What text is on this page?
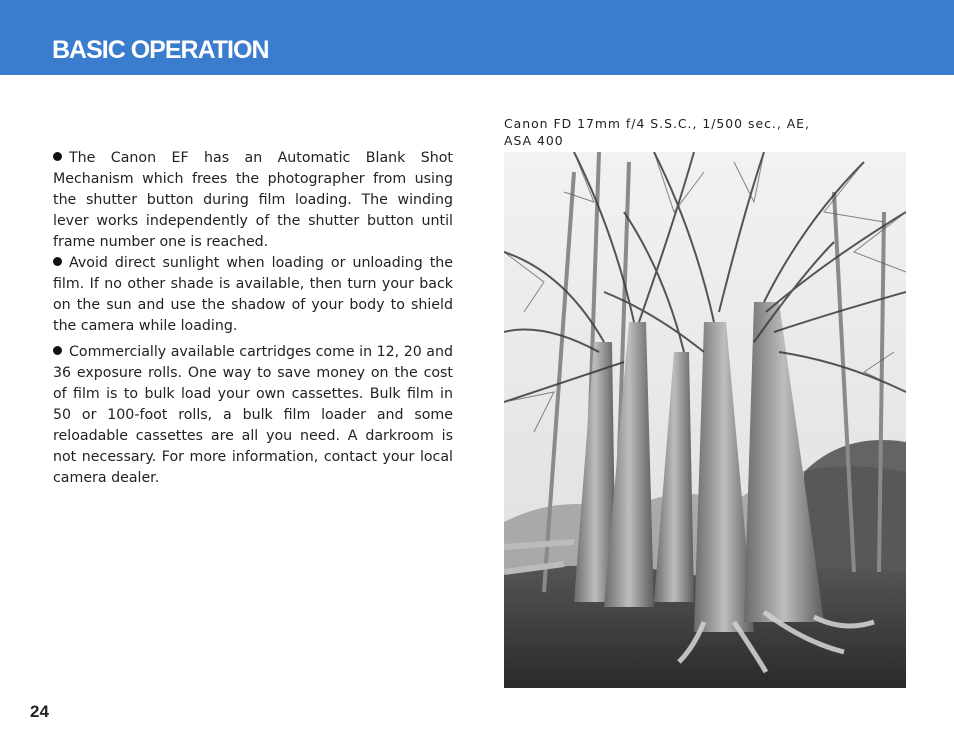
BASIC OPERATION

The Canon EF has an Automatic Blank Shot Mechanism which frees the photographer from using the shutter button during film loading. The winding lever works independently of the shutter button until frame number one is reached.

Avoid direct sunlight when loading or unloading the film. If no other shade is available, then turn your back on the sun and use the shadow of your body to shield the camera while loading.

Commercially available cartridges come in 12, 20 and 36 exposure rolls. One way to save money on the cost of film is to bulk load your own cassettes. Bulk film in 50 or 100-foot rolls, a bulk film loader and some reloadable cassettes are all you need. A darkroom is not necessary. For more information, contact your local camera dealer.

Canon FD 17mm f/4 S.S.C., 1/500 sec., AE,
ASA 400
24
